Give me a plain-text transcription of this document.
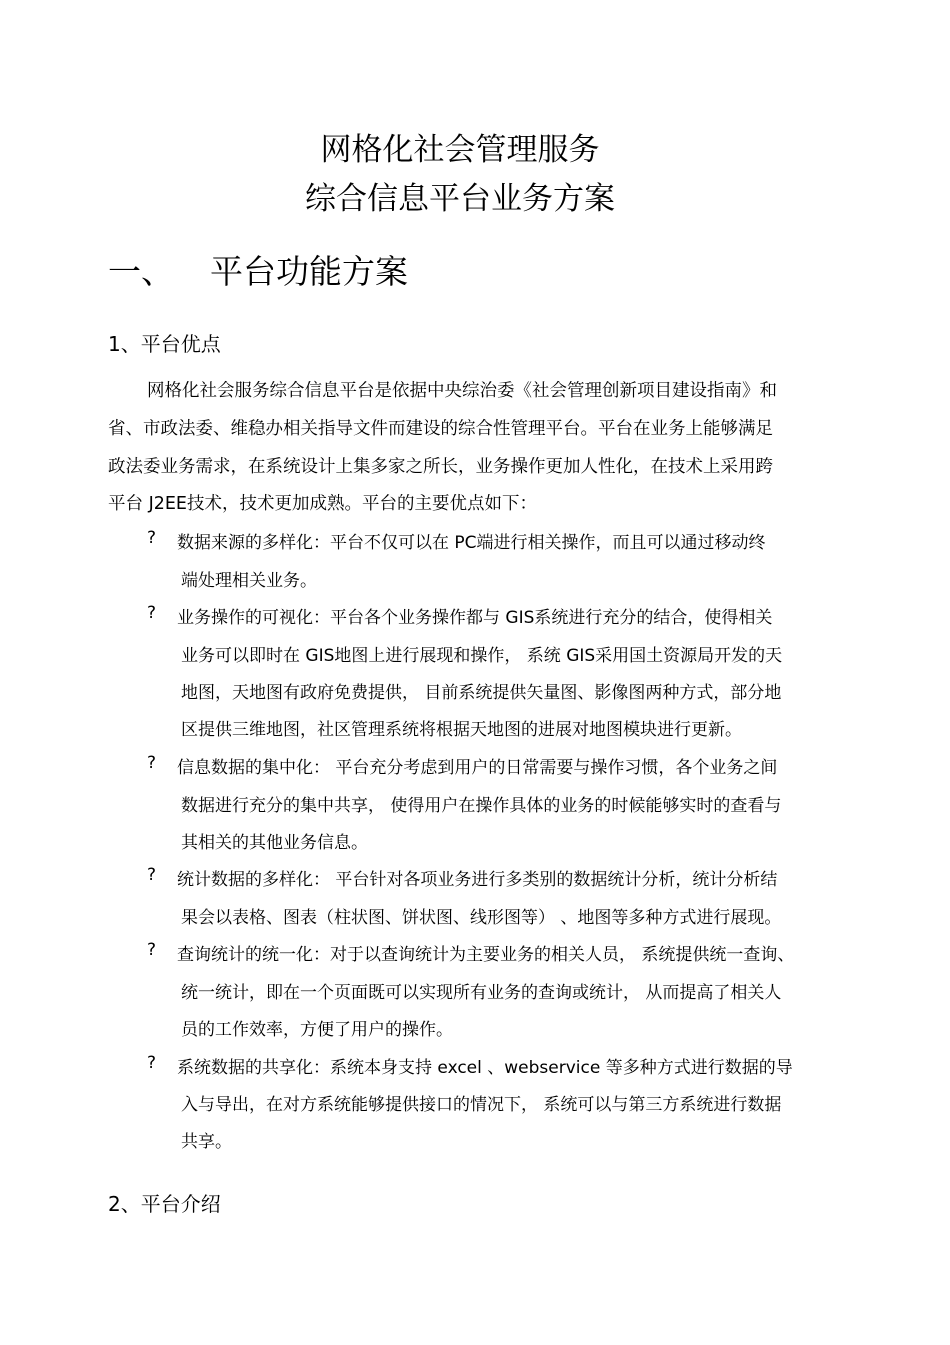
网格化社会管理服务
综合信息平台业务方案
一、 平台功能方案
1、平台优点
网格化社会服务综合信息平台是依据中央综治委《社会管理创新项目建设指南》和
省、市政法委、维稳办相关指导文件而建设的综合性管理平台。平台在业务上能够满足
政法委业务需求，在系统设计上集多家之所长，业务操作更加人性化，在技术上采用跨
平台 J2EE技术，技术更加成熟。平台的主要优点如下：
? 数据来源的多样化：平台不仅可以在 PC端进行相关操作，而且可以通过移动终
端处理相关业务。
? 业务操作的可视化：平台各个业务操作都与 GIS系统进行充分的结合，使得相关
业务可以即时在 GIS地图上进行展现和操作， 系统 GIS采用国土资源局开发的天
地图，天地图有政府免费提供， 目前系统提供矢量图、影像图两种方式，部分地
区提供三维地图，社区管理系统将根据天地图的进展对地图模块进行更新。
? 信息数据的集中化： 平台充分考虑到用户的日常需要与操作习惯，各个业务之间
数据进行充分的集中共享， 使得用户在操作具体的业务的时候能够实时的查看与
其相关的其他业务信息。
? 统计数据的多样化： 平台针对各项业务进行多类别的数据统计分析，统计分析结
果会以表格、图表（柱状图、饼状图、线形图等） 、地图等多种方式进行展现。
? 查询统计的统一化：对于以查询统计为主要业务的相关人员， 系统提供统一查询、
统一统计，即在一个页面既可以实现所有业务的查询或统计， 从而提高了相关人
员的工作效率，方便了用户的操作。
? 系统数据的共享化：系统本身支持 excel 、webservice 等多种方式进行数据的导
入与导出，在对方系统能够提供接口的情况下， 系统可以与第三方系统进行数据
共享。
2、平台介绍
